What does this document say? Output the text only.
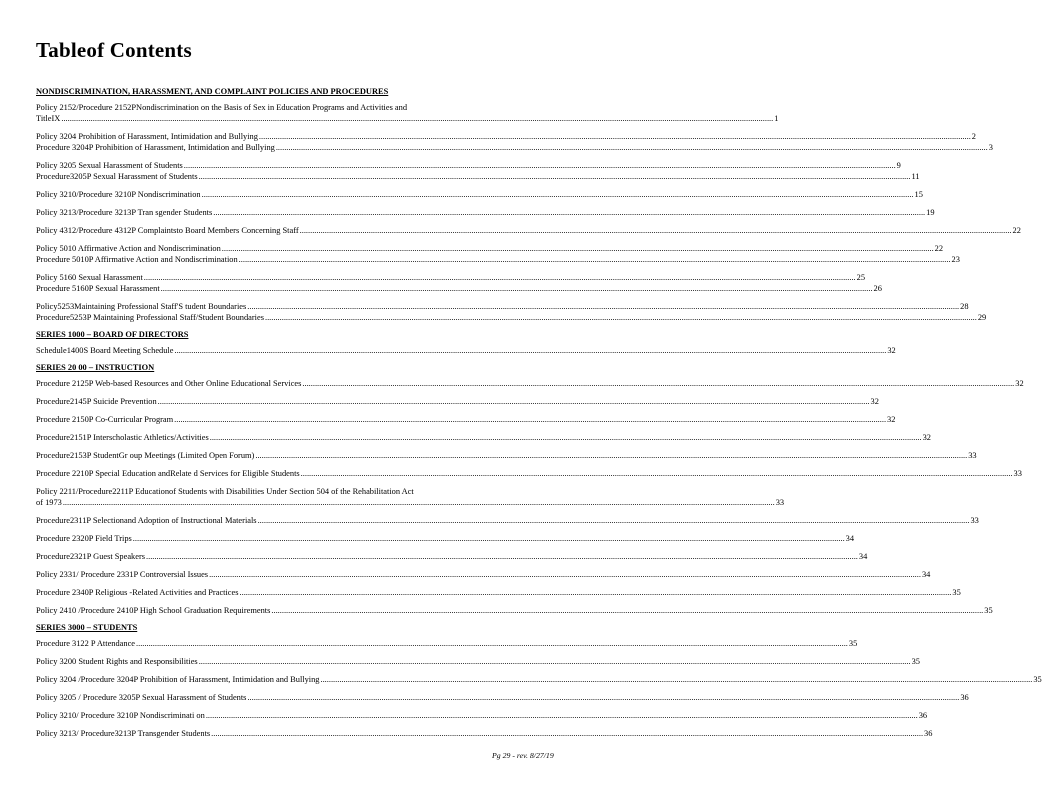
Tableof Contents
NONDISCRIMINATION, HARASSMENT, AND COMPLAINT POLICIES AND PROCEDURES
Policy 2152/Procedure 2152PNondiscrimination on the Basis of Sex in Education Programs and Activities and
TitleIX .....	1
Policy 3204 Prohibition of Harassment, Intimidation and Bullying .....	2
Procedure 3204P Prohibition of Harassment, Intimidation and Bullying .....	3
Policy 3205 Sexual Harassment of Students .....	9
Procedure3205P Sexual Harassment of Students .....	11
Policy 3210/Procedure 3210P Nondiscrimination .....	15
Policy 3213/Procedure 3213P Tran sgender Students .....	19
Policy 4312/Procedure 4312P Complaintsto Board Members Concerning Staff .....	22
Policy 5010 Affirmative Action and Nondiscrimination .....	22
Procedure 5010P Affirmative Action and Nondiscrimination .....	23
Policy 5160 Sexual Harassment .....	25
Procedure 5160P Sexual Harassment .....	26
Policy5253Maintaining Professional Staff'S tudent Boundaries .....	28
Procedure5253P Maintaining Professional Staff/Student Boundaries .....	29
SERIES 1000 – BOARD OF DIRECTORS
Schedule1400S Board Meeting Schedule .....	32
SERIES 20 00 – INSTRUCTION
Procedure 2125P Web-based Resources and Other Online Educational Services .....	32
Procedure2145P Suicide Prevention .....	32
Procedure 2150P Co-Curricular Program .....	32
Procedure2151P Interscholastic Athletics/Activities .....	32
Procedure2153P StudentGr oup Meetings (Limited Open Forum) .....	33
Procedure 2210P Special Education andRelate d Services for Eligible Students .....	33
Policy 2211/Procedure2211P Educationof Students with Disabilities Under Section 504 of the Rehabilitation Act
of 1973 .....	33
Procedure2311P Selectionand Adoption of Instructional Materials .....	33
Procedure 2320P Field Trips .....	34
Procedure2321P Guest Speakers .....	34
Policy 2331/ Procedure 2331P Controversial Issues .....	34
Procedure 2340P Religious -Related Activities and Practices .....	35
Policy 2410 /Procedure 2410P High School Graduation Requirements .....	35
SERIES 3000 – STUDENTS
Procedure 3122 P Attendance .....	35
Policy 3200 Student Rights and Responsibilities .....	35
Policy 3204 /Procedure 3204P Prohibition of Harassment, Intimidation and Bullying .....	35
Policy 3205 / Procedure 3205P Sexual Harassment of Students .....	36
Policy 3210/ Procedure 3210P Nondiscriminati on .....	36
Policy 3213/ Procedure3213P Transgender Students .....	36
Pg 29 - rev. 8/27/19
